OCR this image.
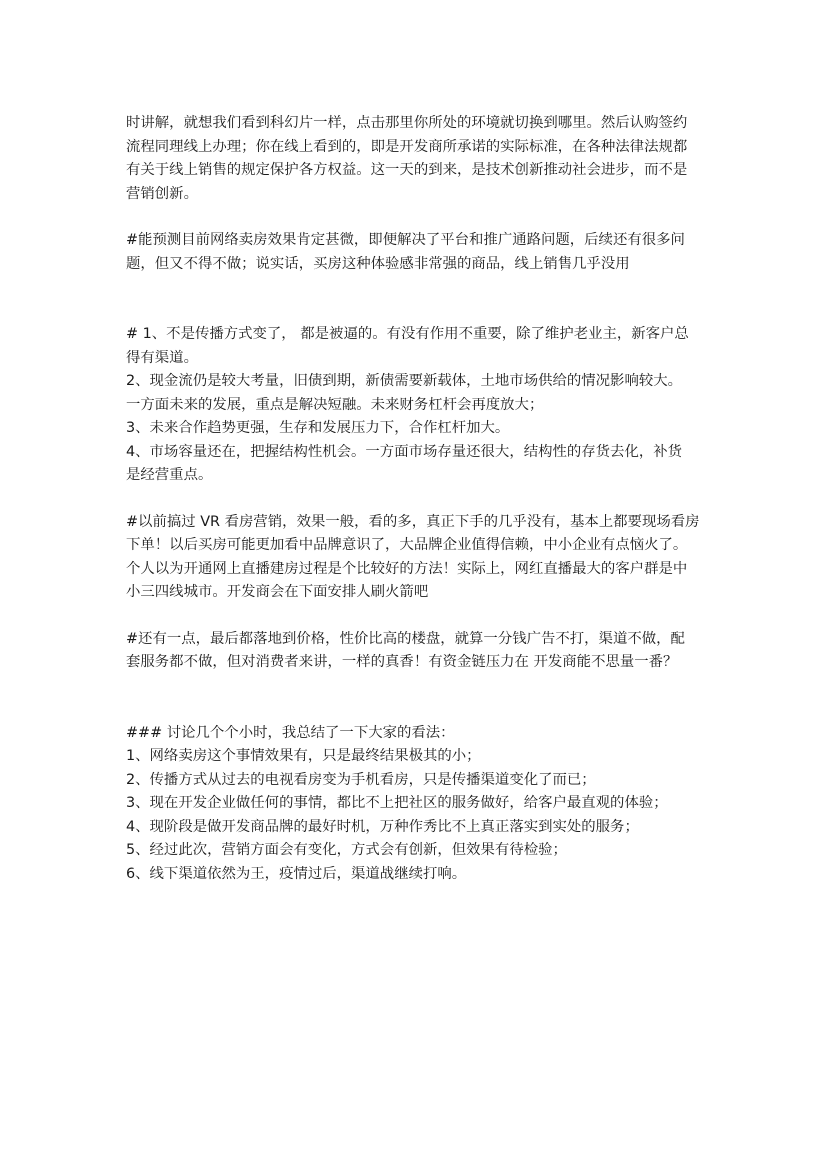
时讲解，就想我们看到科幻片一样，点击那里你所处的环境就切换到哪里。然后认购签约
流程同理线上办理；你在线上看到的，即是开发商所承诺的实际标准，在各种法律法规都
有关于线上销售的规定保护各方权益。这一天的到来，是技术创新推动社会进步，而不是
营销创新。
#能预测目前网络卖房效果肯定甚微，即便解决了平台和推广通路问题，后续还有很多问
题，但又不得不做；说实话，买房这种体验感非常强的商品，线上销售几乎没用
# 1、不是传播方式变了， 都是被逼的。有没有作用不重要，除了维护老业主，新客户总
得有渠道。
2、现金流仍是较大考量，旧债到期，新债需要新载体，土地市场供给的情况影响较大。
一方面未来的发展，重点是解决短融。未来财务杠杆会再度放大；
3、未来合作趋势更强，生存和发展压力下，合作杠杆加大。
4、市场容量还在，把握结构性机会。一方面市场存量还很大，结构性的存货去化，补货
是经营重点。
#以前搞过 VR 看房营销，效果一般，看的多，真正下手的几乎没有，基本上都要现场看房
下单！以后买房可能更加看中品牌意识了，大品牌企业值得信赖，中小企业有点恼火了。
个人以为开通网上直播建房过程是个比较好的方法！实际上，网红直播最大的客户群是中
小三四线城市。开发商会在下面安排人刷火箭吧
#还有一点，最后都落地到价格，性价比高的楼盘，就算一分钱广告不打，渠道不做，配
套服务都不做，但对消费者来讲，一样的真香！有资金链压力在 开发商能不思量一番？
### 讨论几个个小时，我总结了一下大家的看法：
1、网络卖房这个事情效果有，只是最终结果极其的小；
2、传播方式从过去的电视看房变为手机看房，只是传播渠道变化了而已；
3、现在开发企业做任何的事情，都比不上把社区的服务做好，给客户最直观的体验；
4、现阶段是做开发商品牌的最好时机，万种作秀比不上真正落实到实处的服务；
5、经过此次，营销方面会有变化，方式会有创新，但效果有待检验；
6、线下渠道依然为王，疫情过后，渠道战继续打响。
